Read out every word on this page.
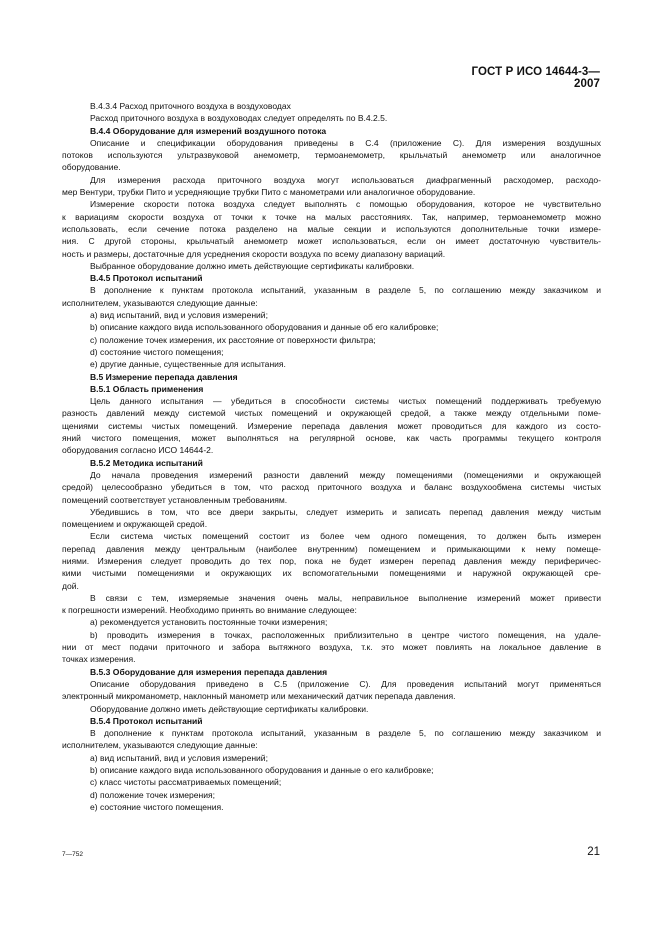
ГОСТ Р ИСО 14644-3—2007

В.4.3.4 Расход приточного воздуха в воздуховодах

Расход приточного воздуха в воздуховодах следует определять по В.4.2.5.

В.4.4 Оборудование для измерений воздушного потока

Описание и спецификации оборудования приведены в С.4 (приложение С). Для измерения воздушных

потоков используются ультразвуковой анемометр, термоанемометр, крыльчатый анемометр или аналогичное

оборудование.

Для измерения расхода приточного воздуха могут использоваться диафрагменный расходомер, расходо-

мер Вентури, трубки Пито и усредняющие трубки Пито с манометрами или аналогичное оборудование.

Измерение скорости потока воздуха следует выполнять с помощью оборудования, которое не чувствительно

к вариациям скорости воздуха от точки к точке на малых расстояниях. Так, например, термоанемометр можно

использовать, если сечение потока разделено на малые секции и используются дополнительные точки измере-

ния. С другой стороны, крыльчатый анемометр может использоваться, если он имеет достаточную чувствитель-

ность и размеры, достаточные для усреднения скорости воздуха по всему диапазону вариаций.

Выбранное оборудование должно иметь действующие сертификаты калибровки.

В.4.5 Протокол испытаний

В дополнение к пунктам протокола испытаний, указанным в разделе 5, по соглашению между заказчиком и

исполнителем, указываются следующие данные:

a) вид испытаний, вид и условия измерений;

b) описание каждого вида использованного оборудования и данные об его калибровке;

c) положение точек измерения, их расстояние от поверхности фильтра;

d) состояние чистого помещения;

e) другие данные, существенные для испытания.

В.5 Измерение перепада давления

В.5.1 Область применения

Цель данного испытания — убедиться в способности системы чистых помещений поддерживать требуемую

разность давлений между системой чистых помещений и окружающей средой, а также между отдельными поме-

щениями системы чистых помещений. Измерение перепада давления может проводиться для каждого из состо-

яний чистого помещения, может выполняться на регулярной основе, как часть программы текущего контроля

оборудования согласно ИСО 14644-2.

В.5.2 Методика испытаний

До начала проведения измерений разности давлений между помещениями (помещениями и окружающей

средой) целесообразно убедиться в том, что расход приточного воздуха и баланс воздухообмена системы чистых

помещений соответствует установленным требованиям.

Убедившись в том, что все двери закрыты, следует измерить и записать перепад давления между чистым

помещением и окружающей средой.

Если система чистых помещений состоит из более чем одного помещения, то должен быть измерен

перепад давления между центральным (наиболее внутренним) помещением и примыкающими к нему помеще-

ниями. Измерения следует проводить до тех пор, пока не будет измерен перепад давления между периферичес-

кими чистыми помещениями и окружающих их вспомогательными помещениями и наружной окружающей сре-

дой.

В связи с тем, измеряемые значения очень малы, неправильное выполнение измерений может привести

к погрешности измерений. Необходимо принять во внимание следующее:

a) рекомендуется установить постоянные точки измерения;

b) проводить измерения в точках, расположенных приблизительно в центре чистого помещения, на удале-

нии от мест подачи приточного и забора вытяжного воздуха, т.к. это может повлиять на локальное давление в

точках измерения.

В.5.3 Оборудование для измерения перепада давления

Описание оборудования приведено в С.5 (приложение С). Для проведения испытаний могут применяться

электронный микроманометр, наклонный манометр или механический датчик перепада давления.

Оборудование должно иметь действующие сертификаты калибровки.

В.5.4 Протокол испытаний

В дополнение к пунктам протокола испытаний, указанным в разделе 5, по соглашению между заказчиком и

исполнителем, указываются следующие данные:

a) вид испытаний, вид и условия измерений;

b) описание каждого вида использованного оборудования и данные о его калибровке;

c) класс чистоты рассматриваемых помещений;

d) положение точек измерения;

e) состояние чистого помещения.

7—752	21
